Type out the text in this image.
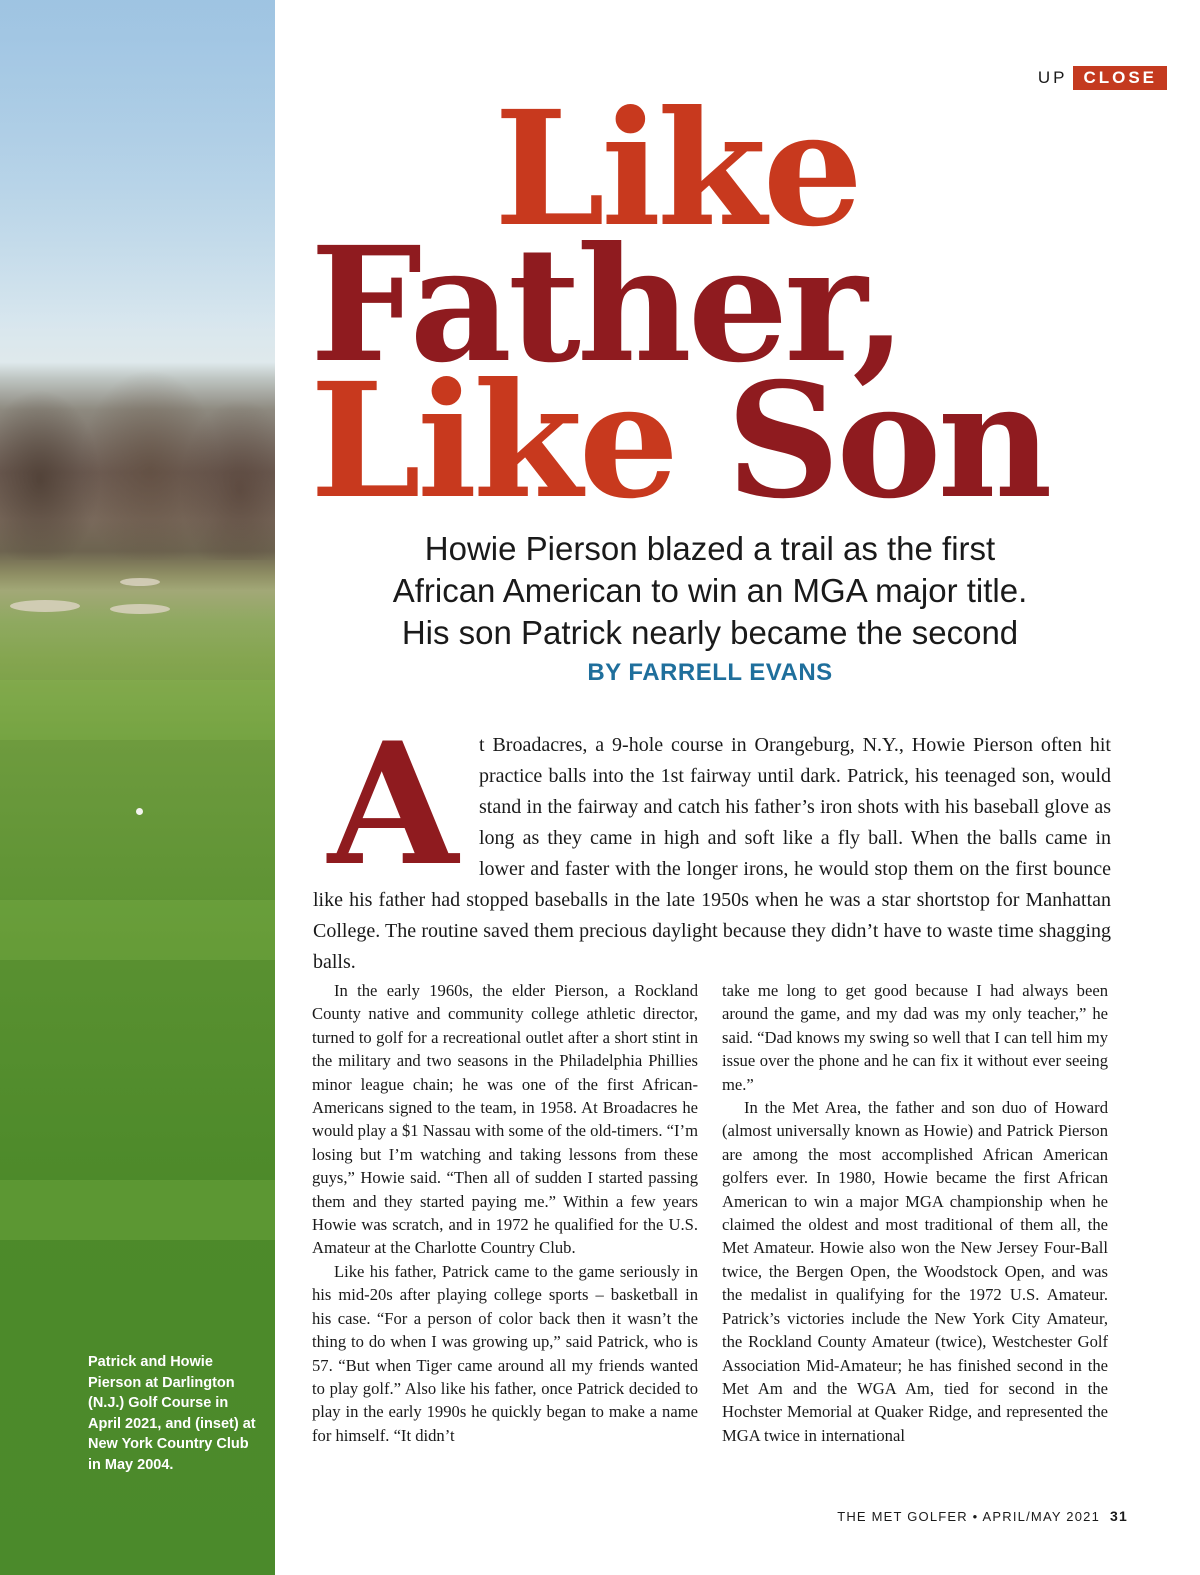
Patrick and Howie Pierson at Darlington (N.J.) Golf Course in April 2021, and (inset) at New York Country Club in May 2004.

UP CLOSE
Like
Father,
Like Son

Howie Pierson blazed a trail as the first
African American to win an MGA major title.
His son Patrick nearly became the second

BY FARRELL EVANS

A	t Broadacres, a 9-hole course in Orangeburg, N.Y., Howie Pierson often hit practice balls into the 1st fairway until dark. Patrick, his teenaged son, would stand in the fairway and catch his father’s iron shots with his baseball glove as long as they came in high and soft like a fly ball. When the balls came in lower and faster with the longer irons, he would stop them on the first bounce like his father had stopped baseballs in the late 1950s when he was a star shortstop for Manhattan College. The routine saved them precious daylight because they didn’t have to waste time shagging balls.

In the early 1960s, the elder Pierson, a Rockland County native and community college athletic director, turned to golf for a recreational outlet after a short stint in the military and two seasons in the Philadelphia Phillies minor league chain; he was one of the first African-Americans signed to the team, in 1958. At Broadacres he would play a $1 Nassau with some of the old-timers. “I’m losing but I’m watching and taking lessons from these guys,” Howie said. “Then all of sudden I started passing them and they started paying me.” Within a few years Howie was scratch, and in 1972 he qualified for the U.S. Amateur at the Charlotte Country Club.

Like his father, Patrick came to the game seriously in his mid-20s after playing college sports – basketball in his case. “For a person of color back then it wasn’t the thing to do when I was growing up,” said Patrick, who is 57. “But when Tiger came around all my friends wanted to play golf.” Also like his father, once Patrick decided to play in the early 1990s he quickly began to make a name for himself. “It didn’t

take me long to get good because I had always been around the game, and my dad was my only teacher,” he said. “Dad knows my swing so well that I can tell him my issue over the phone and he can fix it without ever seeing me.”

In the Met Area, the father and son duo of Howard (almost universally known as Howie) and Patrick Pierson are among the most accomplished African American golfers ever. In 1980, Howie became the first African American to win a major MGA championship when he claimed the oldest and most traditional of them all, the Met Amateur. Howie also won the New Jersey Four-Ball twice, the Bergen Open, the Woodstock Open, and was the medalist in qualifying for the 1972 U.S. Amateur. Patrick’s victories include the New York City Amateur, the Rockland County Amateur (twice), Westchester Golf Association Mid-Amateur; he has finished second in the Met Am and the WGA Am, tied for second in the Hochster Memorial at Quaker Ridge, and represented the MGA twice in international

THE MET GOLFER • APRIL/MAY 2021 31
